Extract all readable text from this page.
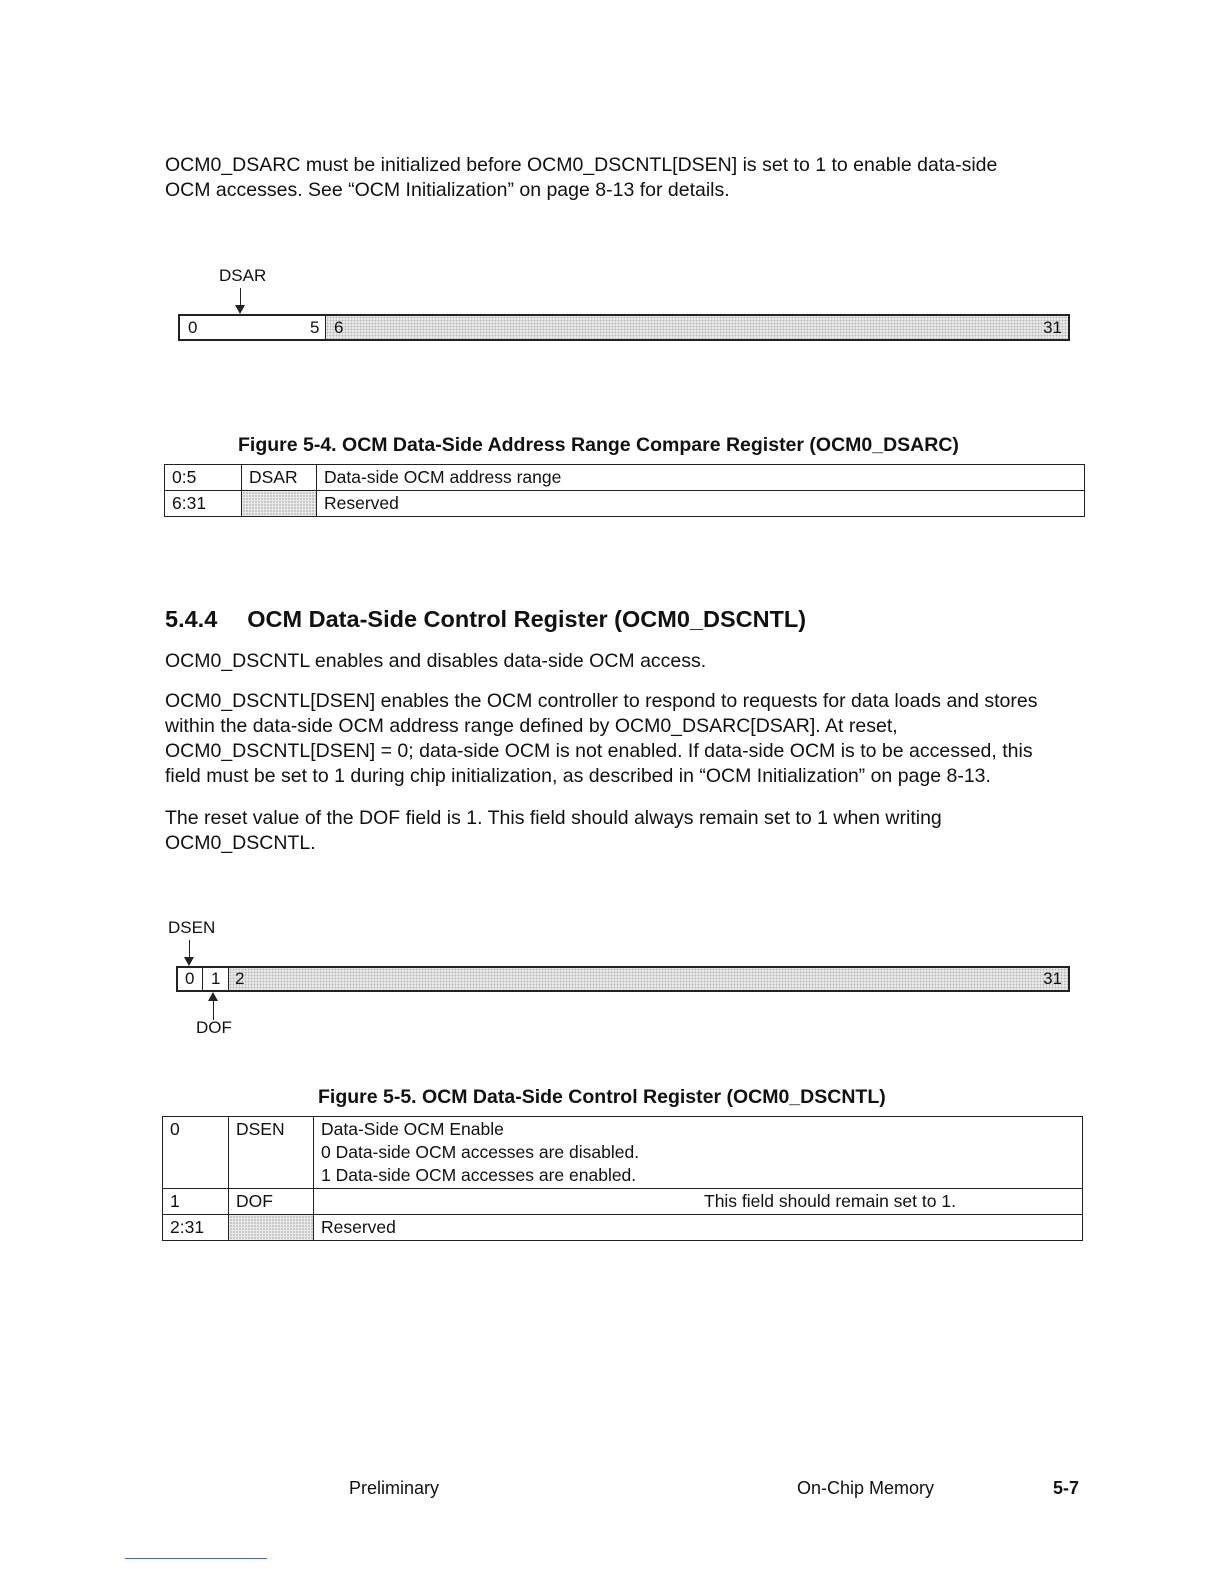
OCM0_DSARC must be initialized before OCM0_DSCNTL[DSEN] is set to 1 to enable data-side

OCM accesses. See “OCM Initialization” on page 8-13 for details.

DSAR
0	5 6	31
Figure 5-4. OCM Data-Side Address Range Compare Register (OCM0_DSARC)
0:5	DSAR	Data-side OCM address range
6:31		Reserved
5.4.4 OCM Data-Side Control Register (OCM0_DSCNTL)

OCM0_DSCNTL enables and disables data-side OCM access.

OCM0_DSCNTL[DSEN] enables the OCM controller to respond to requests for data loads and stores

within the data-side OCM address range defined by OCM0_DSARC[DSAR]. At reset,

OCM0_DSCNTL[DSEN] = 0; data-side OCM is not enabled. If data-side OCM is to be accessed, this

field must be set to 1 during chip initialization, as described in “OCM Initialization” on page 8-13.

The reset value of the DOF field is 1. This field should always remain set to 1 when writing

OCM0_DSCNTL.

DSEN
0 1 2	31
DOF
Figure 5-5. OCM Data-Side Control Register (OCM0_DSCNTL)
0	DSEN	Data-Side OCM Enable
0 Data-side OCM accesses are disabled.
1 Data-side OCM accesses are enabled.

1	DOF	This field should remain set to 1.
2:31		Reserved
Preliminary	On-Chip Memory	5-7
